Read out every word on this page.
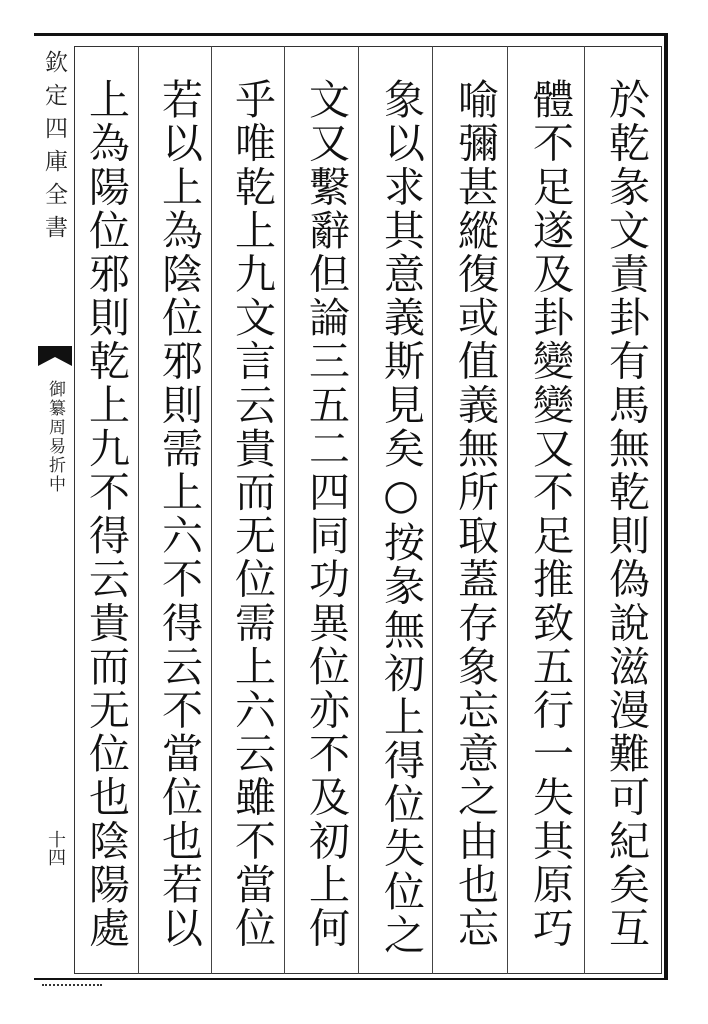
欽定四庫全書
御纂周易折中
十四	於乾彖文責卦有馬無乾則偽說滋漫難可紀矣互
體不足遂及卦變變又不足推致五行一失其原巧
喻彌甚縱復或值義無所取蓋存象忘意之由也忘
象以求其意義斯見矣○按彖無初上得位失位之
文又繫辭但論三五二四同功異位亦不及初上何
乎唯乾上九文言云貴而无位需上六云雖不當位
若以上為陰位邪則需上六不得云不當位也若以
上為陽位邪則乾上九不得云貴而无位也陰陽處
